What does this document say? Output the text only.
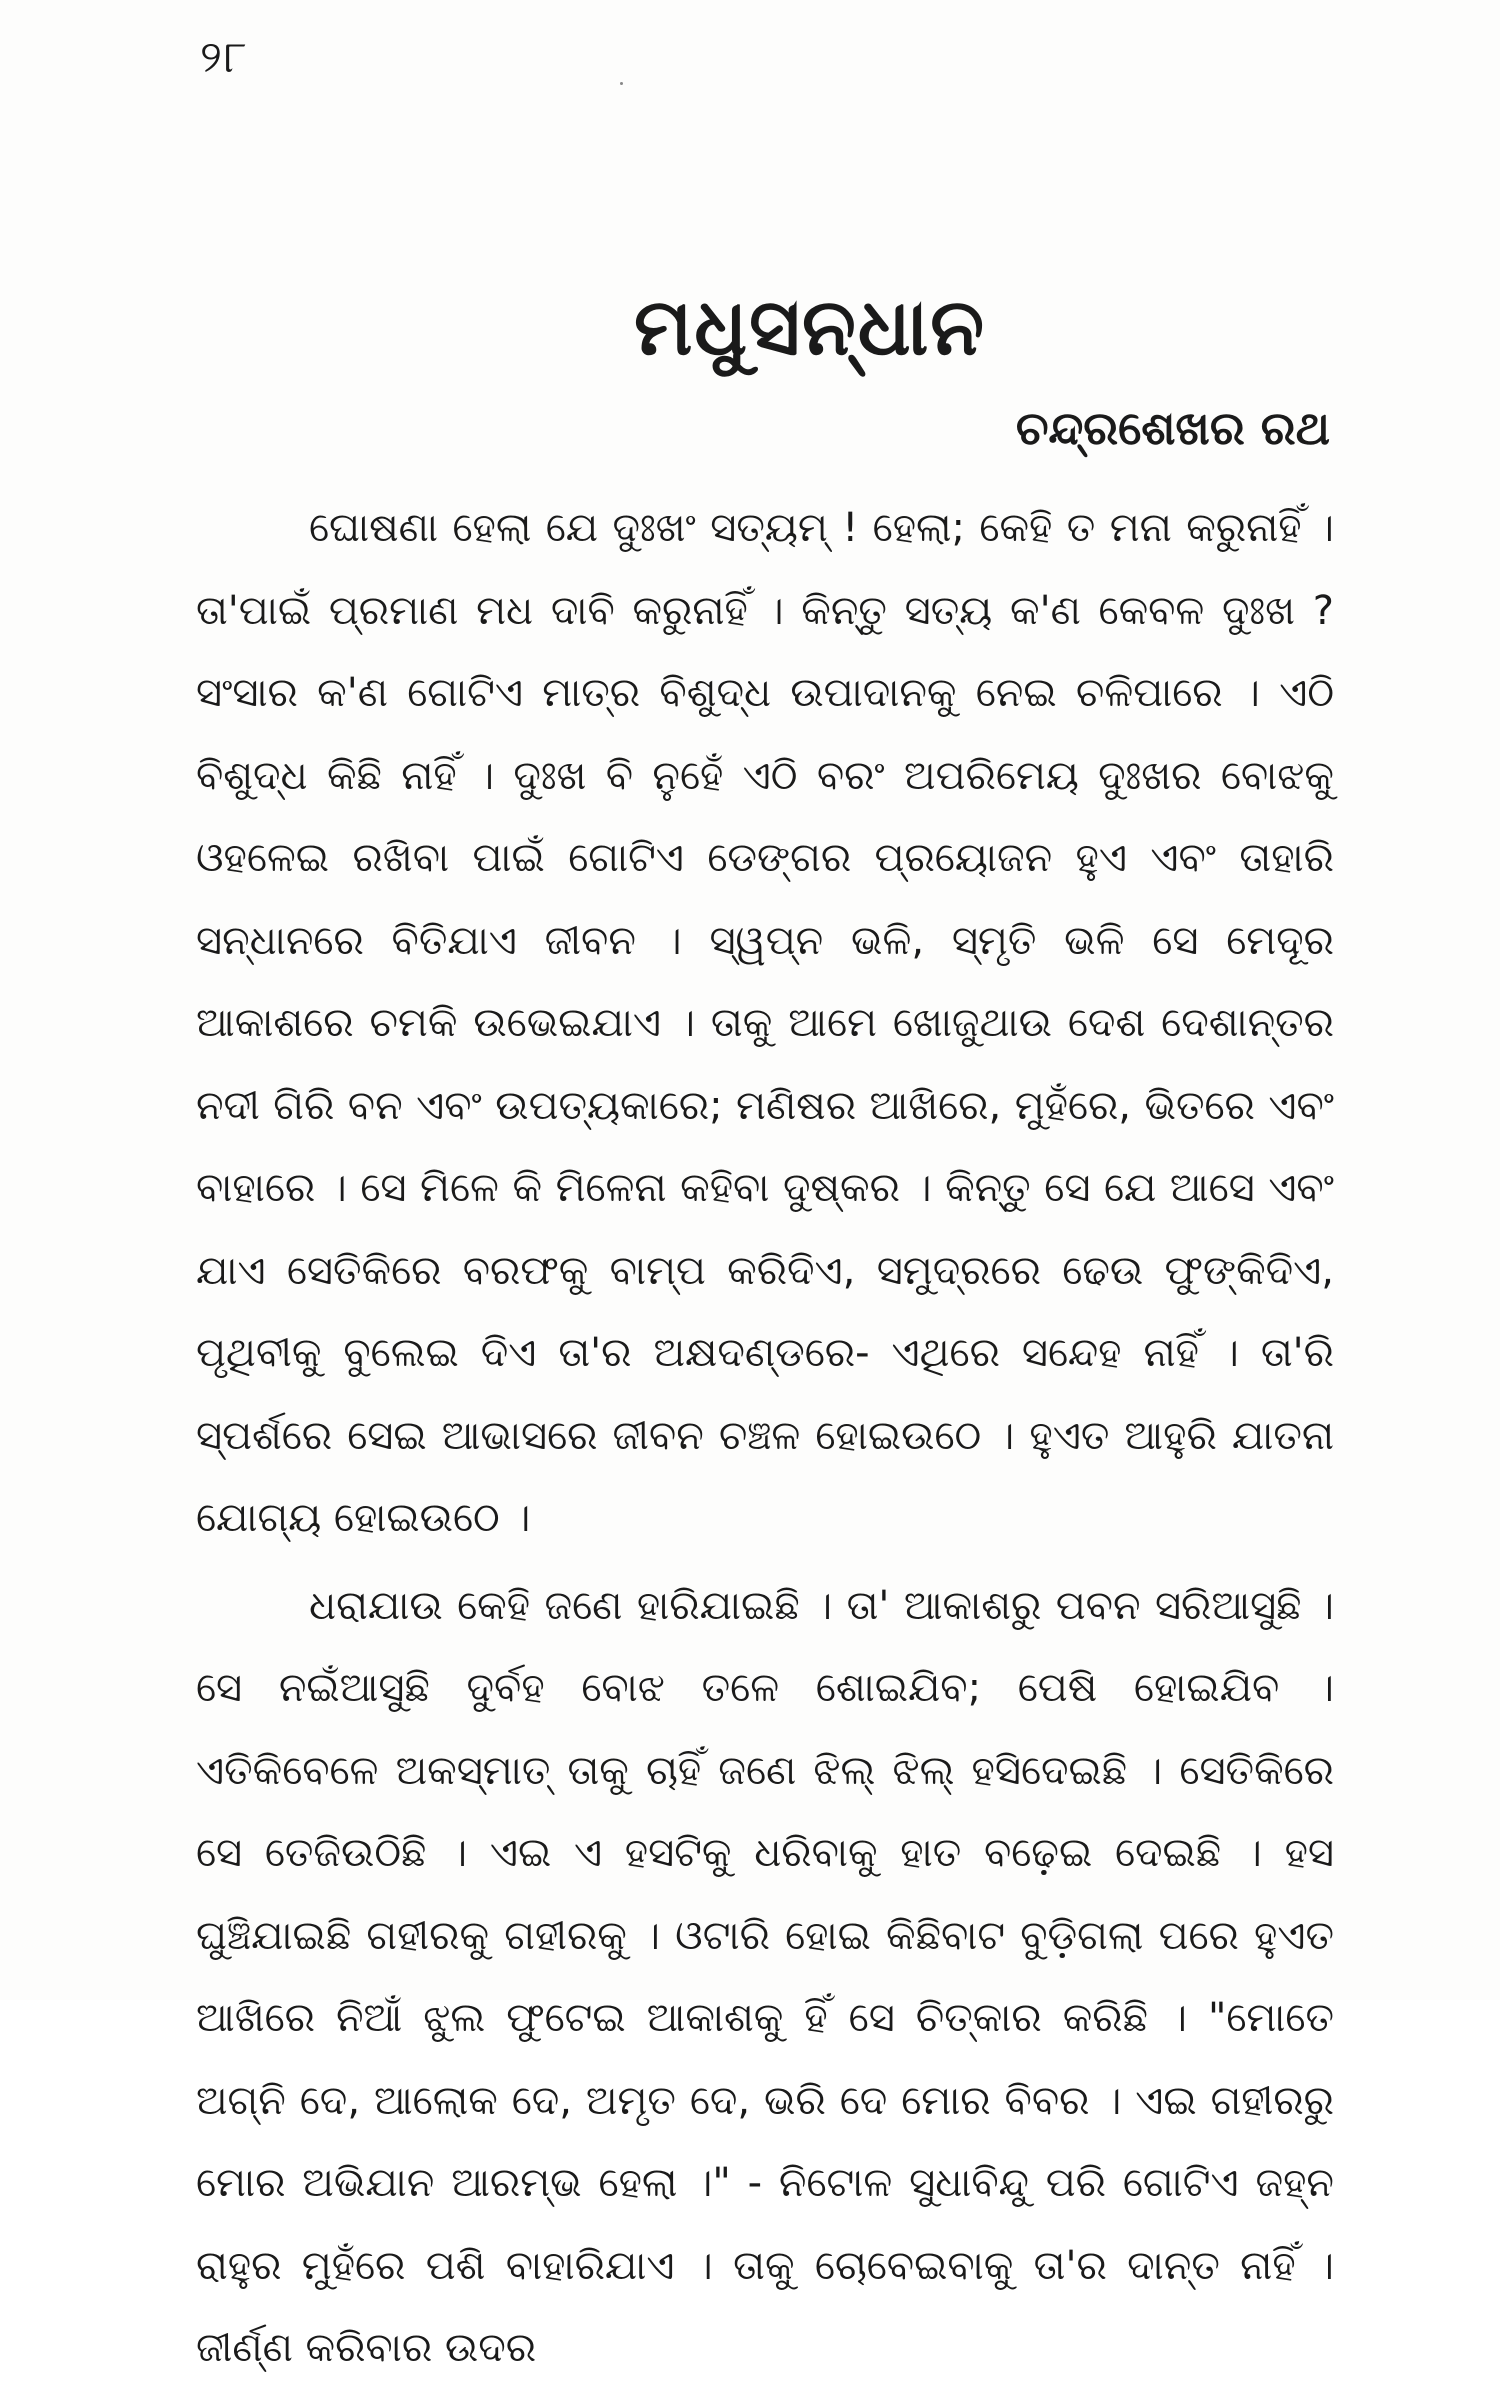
୨୮
ମଧୁସନ୍ଧାନ
ଚନ୍ଦ୍ରଶେଖର ରଥ

ଘୋଷଣା ହେଲା ଯେ ଦୁଃଖଂ ସତ୍ୟମ୍ ! ହେଲା; କେହି ତ ମନା କରୁନାହିଁ । ତା'ପାଇଁ ପ୍ରମାଣ ମଧ ଦାବି କରୁନାହିଁ । କିନ୍ତୁ ସତ୍ୟ କ'ଣ କେବଳ ଦୁଃଖ ? ସଂସାର କ'ଣ ଗୋଟିଏ ମାତ୍ର ବିଶୁଦ୍ଧ ଉପାଦାନକୁ ନେଇ ଚଳିପାରେ । ଏଠି ବିଶୁଦ୍ଧ କିଛି ନାହିଁ । ଦୁଃଖ ବି ନୁହେଁ ଏଠି ବରଂ ଅପରିମେୟ ଦୁଃଖର ବୋଝକୁ ଓହଳେଇ ରଖିବା ପାଇଁ ଗୋଟିଏ ଡେଙ୍ଗର ପ୍ରୟୋଜନ ହୁଏ ଏବଂ ତାହାରି ସନ୍ଧାନରେ ବିତିଯାଏ ଜୀବନ । ସ୍ୱପ୍ନ ଭଳି, ସ୍ମୃତି ଭଳି ସେ ମେଦୂର ଆକାଶରେ ଚମକି ଉଭେଇଯାଏ । ତାକୁ ଆମେ ଖୋଜୁଥାଉ ଦେଶ ଦେଶାନ୍ତର ନଦୀ ଗିରି ବନ ଏବଂ ଉପତ୍ୟକାରେ; ମଣିଷର ଆଖିରେ, ମୁହଁରେ, ଭିତରେ ଏବଂ ବାହାରେ । ସେ ମିଳେ କି ମିଳେନା କହିବା ଦୁଷ୍କର । କିନ୍ତୁ ସେ ଯେ ଆସେ ଏବଂ ଯାଏ ସେତିକିରେ ବରଫକୁ ବାମ୍ପ କରିଦିଏ, ସମୁଦ୍ରରେ ଢେଉ ଫୁଙ୍କିଦିଏ, ପୃଥିବୀକୁ ବୁଲେଇ ଦିଏ ତା'ର ଅକ୍ଷଦଣ୍ଡରେ- ଏଥିରେ ସନ୍ଦେହ ନାହିଁ । ତା'ରି ସ୍ପର୍ଶରେ ସେଇ ଆଭାସରେ ଜୀବନ ଚଞ୍ଚଳ ହୋଇଉଠେ । ହୁଏତ ଆହୁରି ଯାତନା ଯୋଗ୍ୟ ହୋଇଉଠେ ।

ଧରାଯାଉ କେହି ଜଣେ ହାରିଯାଇଛି । ତା' ଆକାଶରୁ ପବନ ସରିଆସୁଛି । ସେ ନଇଁଆସୁଛି ଦୁର୍ବହ ବୋଝ ତଳେ ଶୋଇଯିବ; ପେଷି ହୋଇଯିବ । ଏତିକିବେଳେ ଅକସ୍ମାତ୍ ତାକୁ ଚାହିଁ ଜଣେ ଝିଲ୍ ଝିଲ୍ ହସିଦେଇଛି । ସେତିକିରେ ସେ ତେଜିଉଠିଛି । ଏଇ ଏ ହସଟିକୁ ଧରିବାକୁ ହାତ ବଢ଼େଇ ଦେଇଛି । ହସ ଘୁଞ୍ଚିଯାଇଛି ଗହୀରକୁ ଗହୀରକୁ । ଓଟାରି ହୋଇ କିଛିବାଟ ବୁଡ଼ିଗଲା ପରେ ହୁଏତ ଆଖିରେ ନିଆଁ ଝୁଲ ଫୁଟେଇ ଆକାଶକୁ ହିଁ ସେ ଚିତ୍କାର କରିଛି । "ମୋତେ ଅଗ୍ନି ଦେ, ଆଲୋକ ଦେ, ଅମୃତ ଦେ, ଭରି ଦେ ମୋର ବିବର । ଏଇ ଗହୀରରୁ ମୋର ଅଭିଯାନ ଆରମ୍ଭ ହେଲା ।" - ନିଟୋଳ ସୁଧାବିନ୍ଦୁ ପରି ଗୋଟିଏ ଜହ୍ନ ରାହୁର ମୁହଁରେ ପଶି ବାହାରିଯାଏ । ତାକୁ ଚୋବେଇବାକୁ ତା'ର ଦାନ୍ତ ନାହିଁ । ଜୀର୍ଣ୍ଣ କରିବାର ଉଦର
